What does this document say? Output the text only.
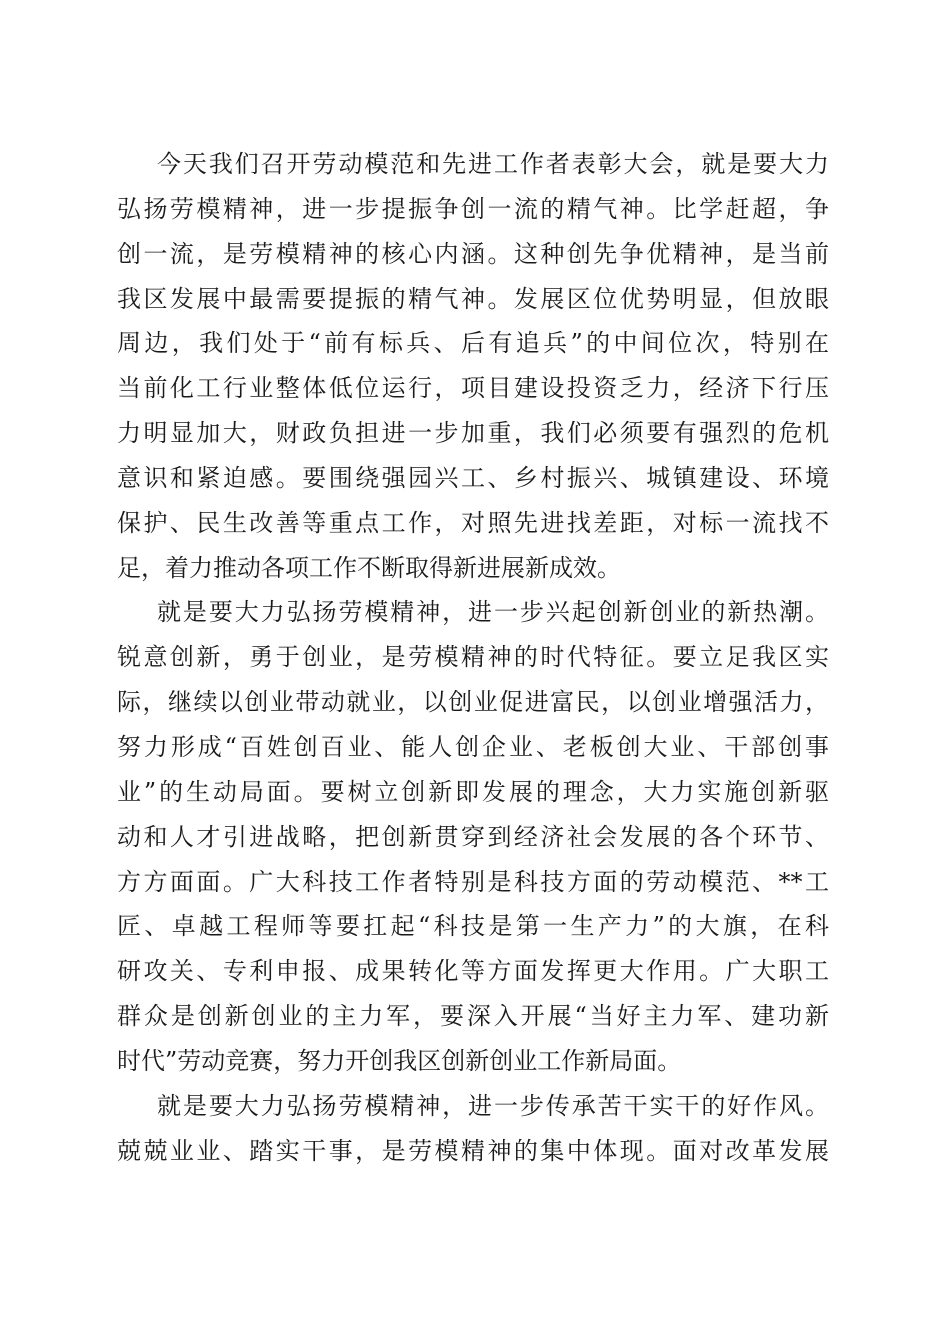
今天我们召开劳动模范和先进工作者表彰大会，就是要大力
弘扬劳模精神，进一步提振争创一流的精气神。比学赶超，争
创一流，是劳模精神的核心内涵。这种创先争优精神，是当前
我区发展中最需要提振的精气神。发展区位优势明显，但放眼
周边，我们处于“前有标兵、后有追兵”的中间位次，特别在
当前化工行业整体低位运行，项目建设投资乏力，经济下行压
力明显加大，财政负担进一步加重，我们必须要有强烈的危机
意识和紧迫感。要围绕强园兴工、乡村振兴、城镇建设、环境
保护、民生改善等重点工作，对照先进找差距，对标一流找不
足，着力推动各项工作不断取得新进展新成效。
就是要大力弘扬劳模精神，进一步兴起创新创业的新热潮。
锐意创新，勇于创业，是劳模精神的时代特征。要立足我区实
际，继续以创业带动就业，以创业促进富民，以创业增强活力，
努力形成“百姓创百业、能人创企业、老板创大业、干部创事
业”的生动局面。要树立创新即发展的理念，大力实施创新驱
动和人才引进战略，把创新贯穿到经济社会发展的各个环节、
方方面面。广大科技工作者特别是科技方面的劳动模范、**工
匠、卓越工程师等要扛起“科技是第一生产力”的大旗，在科
研攻关、专利申报、成果转化等方面发挥更大作用。广大职工
群众是创新创业的主力军，要深入开展“当好主力军、建功新
时代”劳动竞赛，努力开创我区创新创业工作新局面。
就是要大力弘扬劳模精神，进一步传承苦干实干的好作风。
兢兢业业、踏实干事，是劳模精神的集中体现。面对改革发展
